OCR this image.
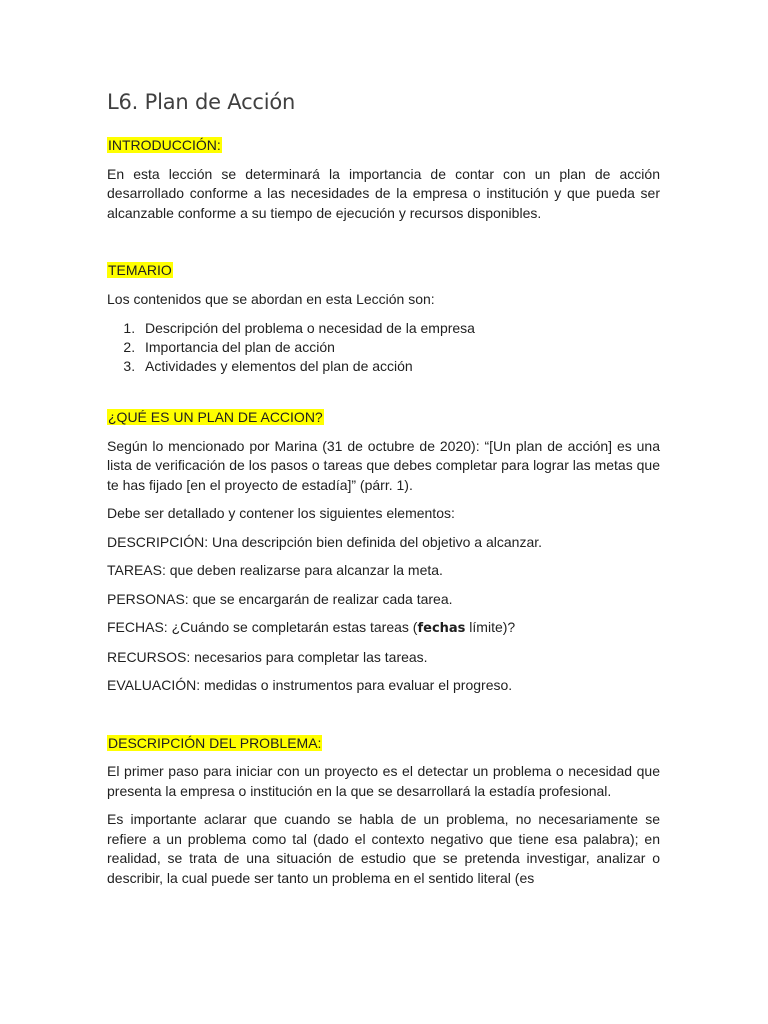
L6. Plan de Acción

INTRODUCCIÓN:

En esta lección se determinará la importancia de contar con un plan de acción desarrollado conforme a las necesidades de la empresa o institución y que pueda ser alcanzable conforme a su tiempo de ejecución y recursos disponibles.

TEMARIO

Los contenidos que se abordan en esta Lección son:

1. Descripción del problema o necesidad de la empresa
2. Importancia del plan de acción
3. Actividades y elementos del plan de acción

¿QUÉ ES UN PLAN DE ACCION?

Según lo mencionado por Marina (31 de octubre de 2020): “[Un plan de acción] es una lista de verificación de los pasos o tareas que debes completar para lograr las metas que te has fijado [en el proyecto de estadía]” (párr. 1).

Debe ser detallado y contener los siguientes elementos:

DESCRIPCIÓN: Una descripción bien definida del objetivo a alcanzar.

TAREAS: que deben realizarse para alcanzar la meta.

PERSONAS: que se encargarán de realizar cada tarea.

FECHAS: ¿Cuándo se completarán estas tareas (fechas límite)?

RECURSOS: necesarios para completar las tareas.

EVALUACIÓN: medidas o instrumentos para evaluar el progreso.

DESCRIPCIÓN DEL PROBLEMA:

El primer paso para iniciar con un proyecto es el detectar un problema o necesidad que presenta la empresa o institución en la que se desarrollará la estadía profesional.

Es importante aclarar que cuando se habla de un problema, no necesariamente se refiere a un problema como tal (dado el contexto negativo que tiene esa palabra); en realidad, se trata de una situación de estudio que se pretenda investigar, analizar o describir, la cual puede ser tanto un problema en el sentido literal (es
